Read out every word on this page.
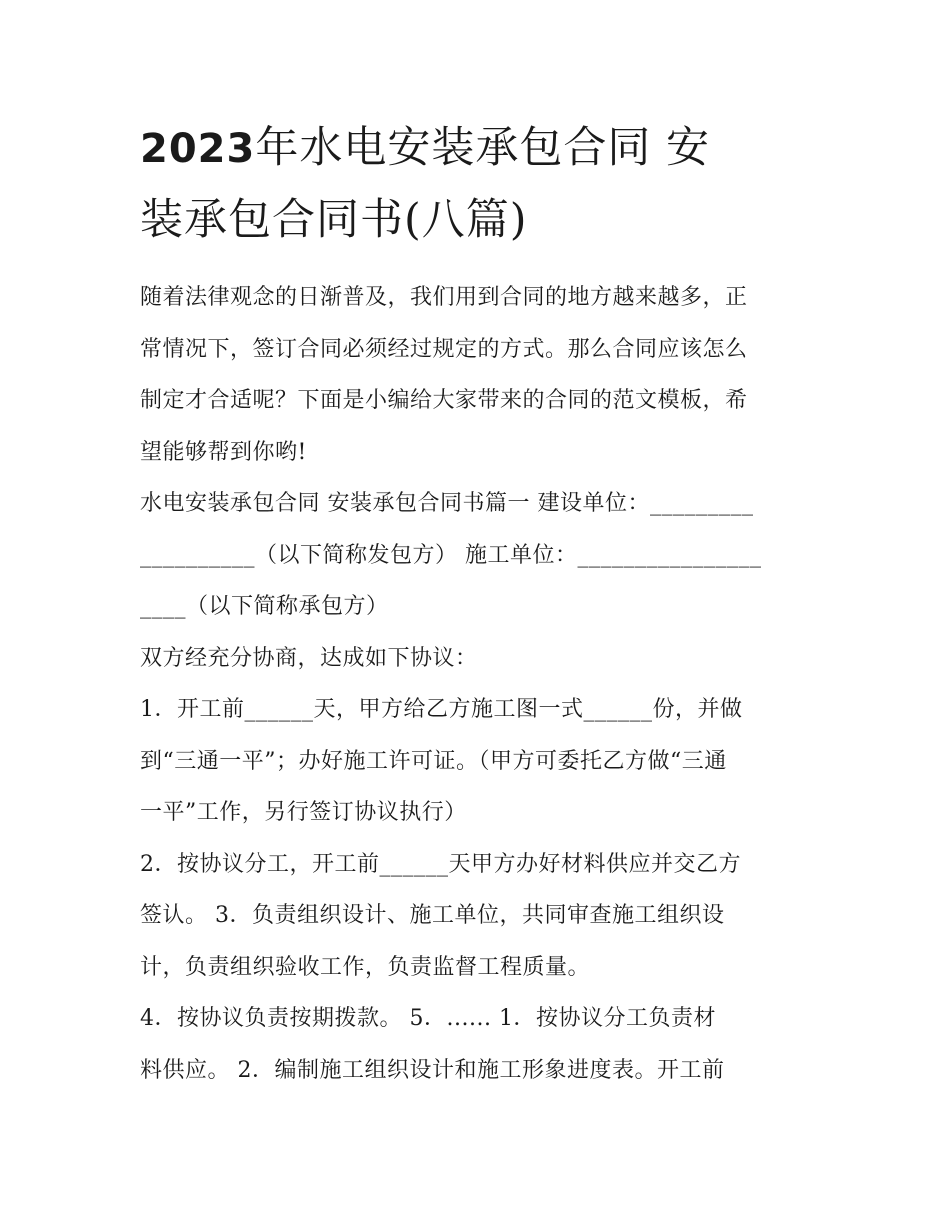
2023年水电安装承包合同 安
装承包合同书(八篇)

随着法律观念的日渐普及，我们用到合同的地方越来越多，正
常情况下，签订合同必须经过规定的方式。那么合同应该怎么
制定才合适呢？下面是小编给大家带来的合同的范文模板，希
望能够帮到你哟!

水电安装承包合同 安装承包合同书篇一 建设单位：_________
__________（以下简称发包方） 施工单位：________________
____（以下简称承包方）

双方经充分协商，达成如下协议：

1．开工前______天，甲方给乙方施工图一式______份，并做
到“三通一平”；办好施工许可证。（甲方可委托乙方做“三通
一平”工作，另行签订协议执行）

2．按协议分工，开工前______天甲方办好材料供应并交乙方
签认。 3．负责组织设计、施工单位，共同审查施工组织设
计，负责组织验收工作，负责监督工程质量。

4．按协议负责按期拨款。 5．...... 1．按协议分工负责材
料供应。 2．编制施工组织设计和施工形象进度表。开工前
